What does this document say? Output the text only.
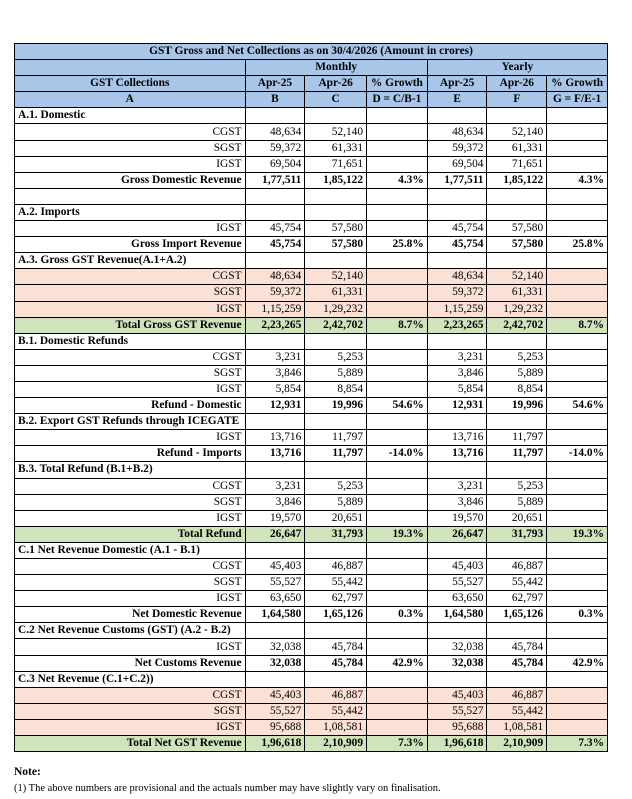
GST Gross and Net Collections as on 30/4/2026 (Amount in crores)						
	Monthly			Yearly		
GST Collections	Apr-25	Apr-26	% Growth		Apr-25	Apr-26	% Growth
A	B	C	D = C/B-1		E	F	G = F/E-1
A.1. Domestic							
CGST	48,634	52,140			48,634	52,140	
SGST	59,372	61,331			59,372	61,331	
IGST	69,504	71,651			69,504	71,651	
Gross Domestic Revenue	1,77,511	1,85,122	4.3%		1,77,511	1,85,122	4.3%

A.2. Imports							
IGST	45,754	57,580			45,754	57,580	
Gross Import Revenue	45,754	57,580	25.8%		45,754	57,580	25.8%
A.3. Gross GST Revenue(A.1+A.2)							
CGST	48,634	52,140			48,634	52,140	
SGST	59,372	61,331			59,372	61,331	
IGST	1,15,259	1,29,232			1,15,259	1,29,232	
Total Gross GST Revenue	2,23,265	2,42,702	8.7%		2,23,265	2,42,702	8.7%
B.1. Domestic Refunds							
CGST	3,231	5,253			3,231	5,253	
SGST	3,846	5,889			3,846	5,889	
IGST	5,854	8,854			5,854	8,854	
Refund - Domestic	12,931	19,996	54.6%		12,931	19,996	54.6%
B.2. Export GST Refunds through ICEGATE							
IGST	13,716	11,797			13,716	11,797	
Refund - Imports	13,716	11,797	-14.0%		13,716	11,797	-14.0%
B.3. Total Refund (B.1+B.2)							
CGST	3,231	5,253			3,231	5,253	
SGST	3,846	5,889			3,846	5,889	
IGST	19,570	20,651			19,570	20,651	
Total Refund	26,647	31,793	19.3%		26,647	31,793	19.3%
C.1 Net Revenue Domestic (A.1 - B.1)							
CGST	45,403	46,887			45,403	46,887	
SGST	55,527	55,442			55,527	55,442	
IGST	63,650	62,797			63,650	62,797	
Net Domestic Revenue	1,64,580	1,65,126	0.3%		1,64,580	1,65,126	0.3%
C.2 Net Revenue Customs (GST) (A.2 - B.2)							
IGST	32,038	45,784			32,038	45,784	
Net Customs Revenue	32,038	45,784	42.9%		32,038	45,784	42.9%
C.3 Net Revenue (C.1+C.2))							
CGST	45,403	46,887			45,403	46,887	
SGST	55,527	55,442			55,527	55,442	
IGST	95,688	1,08,581			95,688	1,08,581	
Total Net GST Revenue	1,96,618	2,10,909	7.3%		1,96,618	2,10,909	7.3%
Note:
(1) The above numbers are provisional and the actuals number may have slightly vary on finalisation.
